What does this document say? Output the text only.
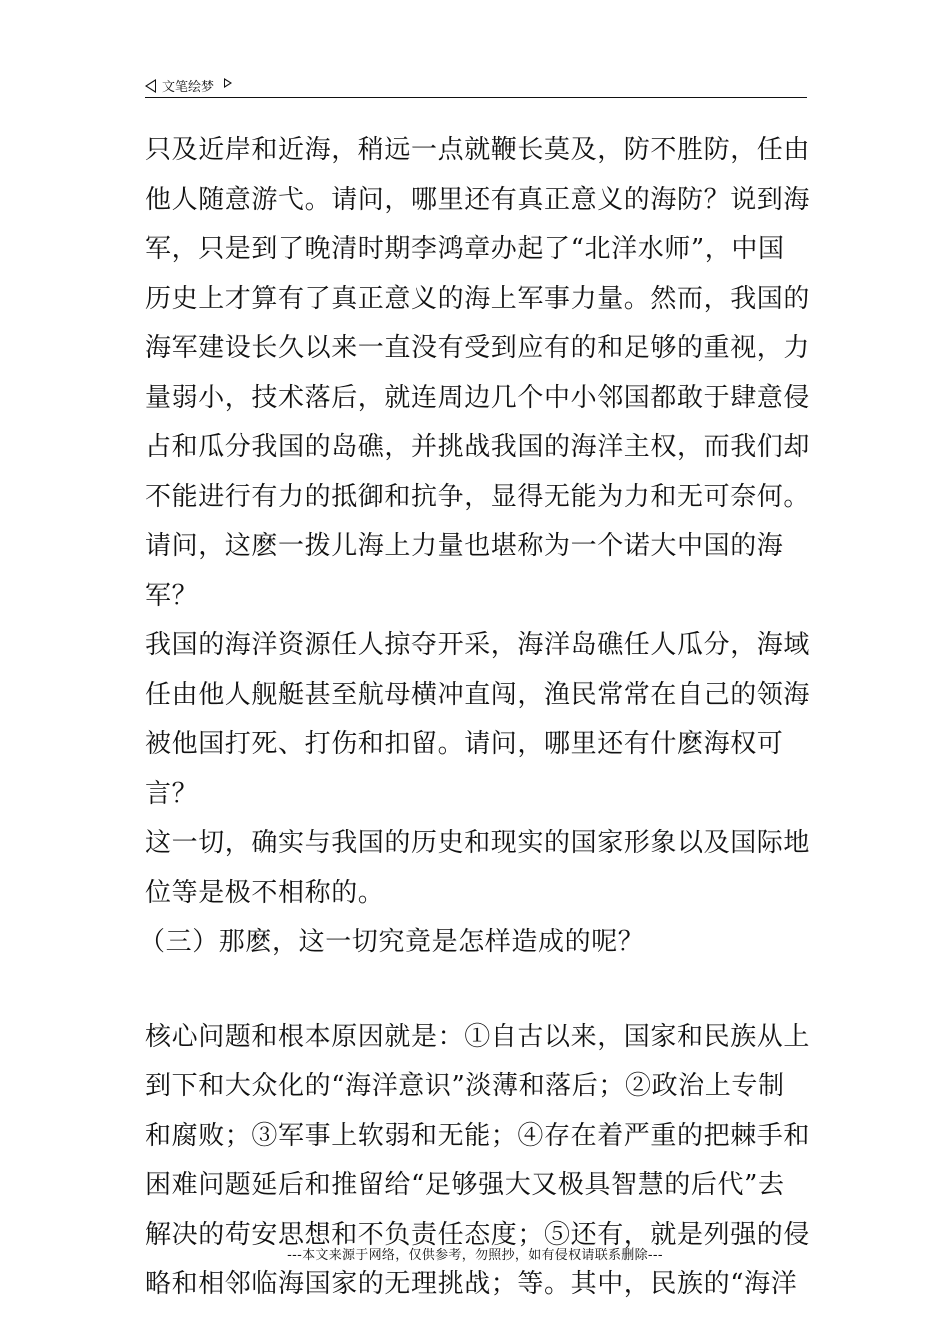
文笔绘梦

只及近岸和近海，稍远一点就鞭长莫及，防不胜防，任由

他人随意游弋。请问，哪里还有真正意义的海防？说到海

军，只是到了晚清时期李鸿章办起了“北洋水师”，中国

历史上才算有了真正意义的海上军事力量。然而，我国的

海军建设长久以来一直没有受到应有的和足够的重视，力

量弱小，技术落后，就连周边几个中小邻国都敢于肆意侵

占和瓜分我国的岛礁，并挑战我国的海洋主权，而我们却

不能进行有力的抵御和抗争，显得无能为力和无可奈何。

请问，这麽一拨儿海上力量也堪称为一个诺大中国的海军？

我国的海洋资源任人掠夺开采，海洋岛礁任人瓜分，海域

任由他人舰艇甚至航母横冲直闯，渔民常常在自己的领海

被他国打死、打伤和扣留。请问，哪里还有什麽海权可言？

这一切，确实与我国的历史和现实的国家形象以及国际地

位等是极不相称的。

（三）那麽，这一切究竟是怎样造成的呢？

核心问题和根本原因就是：①自古以来，国家和民族从上

到下和大众化的“海洋意识”淡薄和落后；②政治上专制

和腐败；③军事上软弱和无能；④存在着严重的把棘手和

困难问题延后和推留给“足够强大又极具智慧的后代”去

解决的苟安思想和不负责任态度；⑤还有，就是列强的侵

略和相邻临海国家的无理挑战；等。其中，民族的“海洋

---本文来源于网络，仅供参考，勿照抄，如有侵权请联系删除---
